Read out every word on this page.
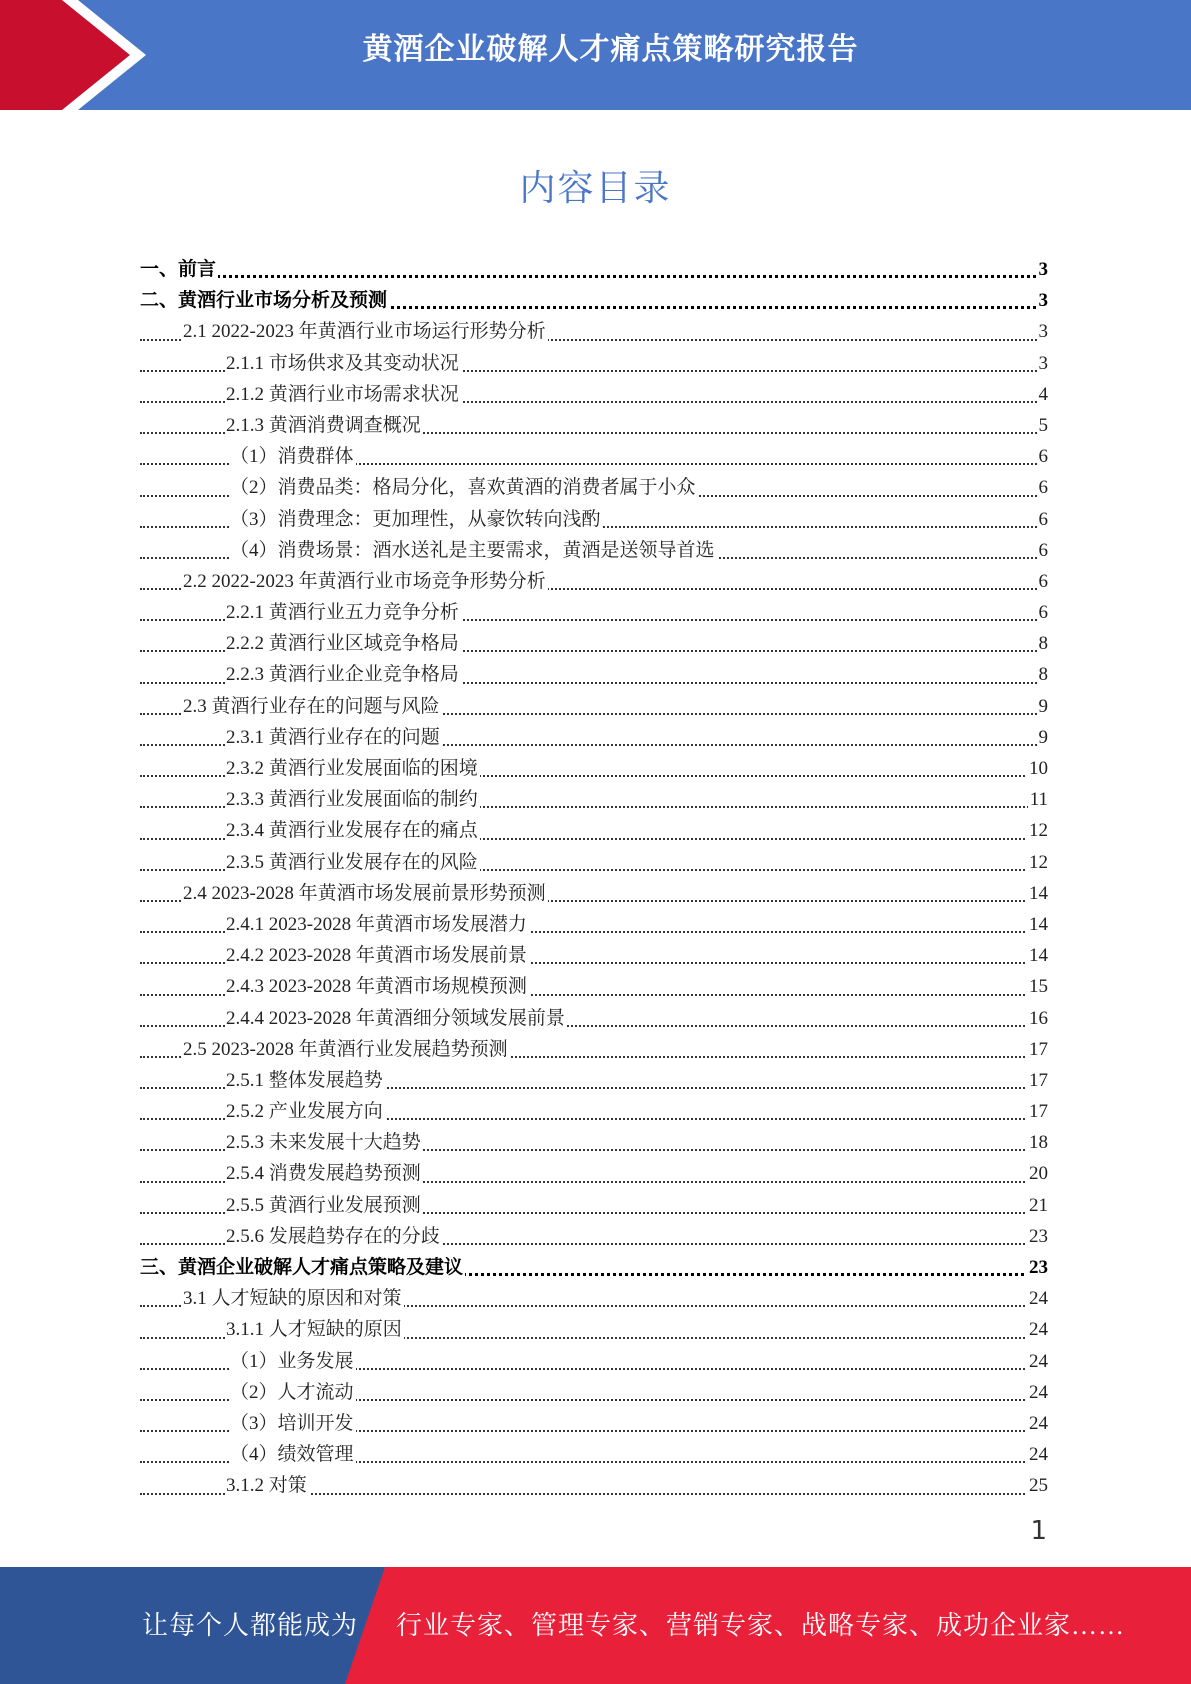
黄酒企业破解人才痛点策略研究报告
内容目录
一、前言	3
二、黄酒行业市场分析及预测	3
2.1 2022-2023 年黄酒行业市场运行形势分析	3
2.1.1 市场供求及其变动状况	3
2.1.2 黄酒行业市场需求状况	4
2.1.3 黄酒消费调查概况	5
（1）消费群体	6
（2）消费品类：格局分化，喜欢黄酒的消费者属于小众	6
（3）消费理念：更加理性，从豪饮转向浅酌	6
（4）消费场景：酒水送礼是主要需求，黄酒是送领导首选	6
2.2 2022-2023 年黄酒行业市场竞争形势分析	6
2.2.1 黄酒行业五力竞争分析	6
2.2.2 黄酒行业区域竞争格局	8
2.2.3 黄酒行业企业竞争格局	8
2.3 黄酒行业存在的问题与风险	9
2.3.1 黄酒行业存在的问题	9
2.3.2 黄酒行业发展面临的困境	10
2.3.3 黄酒行业发展面临的制约	11
2.3.4 黄酒行业发展存在的痛点	12
2.3.5 黄酒行业发展存在的风险	12
2.4 2023-2028 年黄酒市场发展前景形势预测	14
2.4.1 2023-2028 年黄酒市场发展潜力	14
2.4.2 2023-2028 年黄酒市场发展前景	14
2.4.3 2023-2028 年黄酒市场规模预测	15
2.4.4 2023-2028 年黄酒细分领域发展前景	16
2.5 2023-2028 年黄酒行业发展趋势预测	17
2.5.1 整体发展趋势	17
2.5.2 产业发展方向	17
2.5.3 未来发展十大趋势	18
2.5.4 消费发展趋势预测	20
2.5.5 黄酒行业发展预测	21
2.5.6 发展趋势存在的分歧	23
三、黄酒企业破解人才痛点策略及建议	23
3.1 人才短缺的原因和对策	24
3.1.1 人才短缺的原因	24
（1）业务发展	24
（2）人才流动	24
（3）培训开发	24
（4）绩效管理	24
3.1.2 对策	25
1
让每个人都能成为 行业专家、管理专家、营销专家、战略专家、成功企业家……
